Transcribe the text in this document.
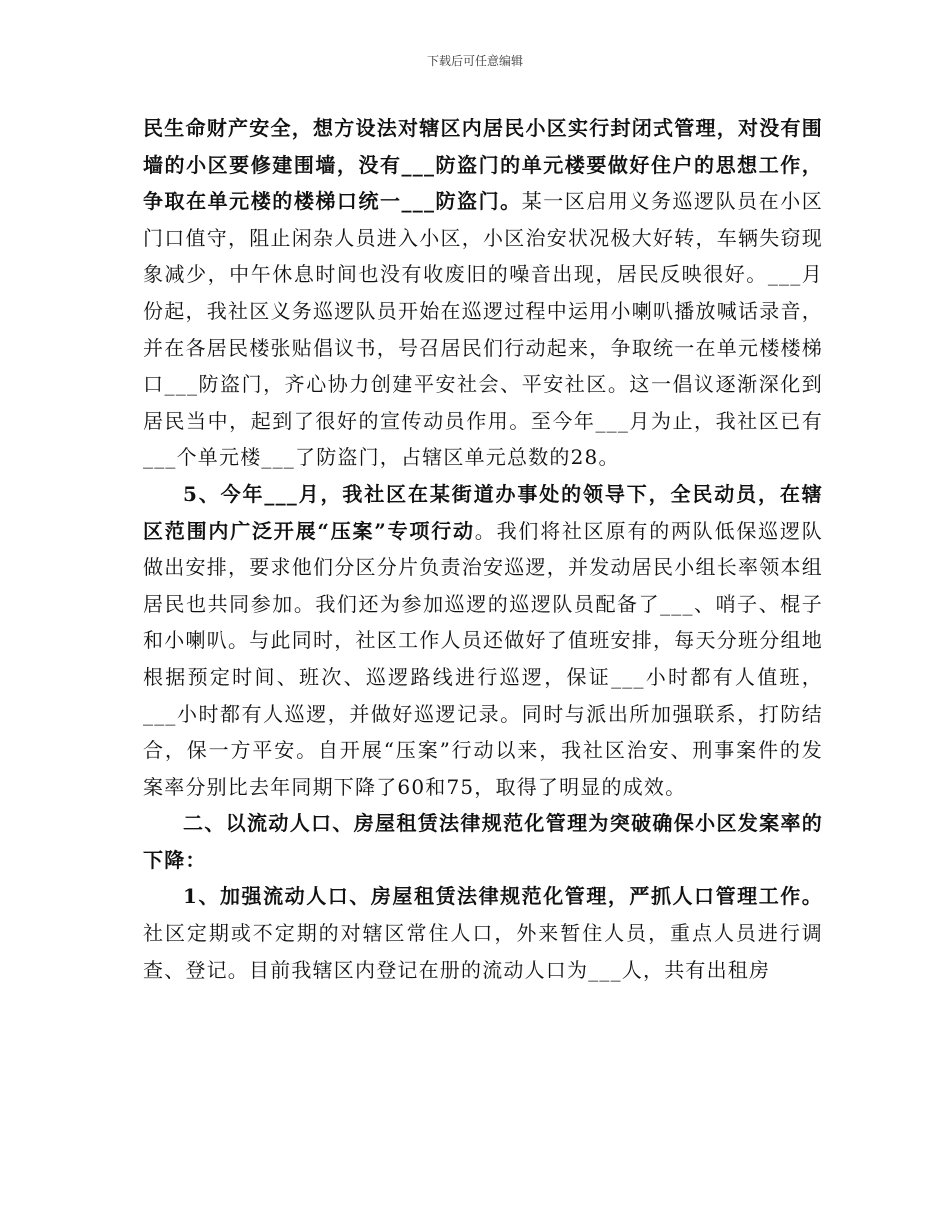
下载后可任意编辑

民生命财产安全，想方设法对辖区内居民小区实行封闭式管理，对没有围墙的小区要修建围墙，没有___防盗门的单元楼要做好住户的思想工作，争取在单元楼的楼梯口统一___防盗门。某一区启用义务巡逻队员在小区门口值守，阻止闲杂人员进入小区，小区治安状况极大好转，车辆失窃现象减少，中午休息时间也没有收废旧的噪音出现，居民反映很好。___月份起，我社区义务巡逻队员开始在巡逻过程中运用小喇叭播放喊话录音，并在各居民楼张贴倡议书，号召居民们行动起来，争取统一在单元楼楼梯口___防盗门，齐心协力创建平安社会、平安社区。这一倡议逐渐深化到居民当中，起到了很好的宣传动员作用。至今年___月为止，我社区已有___个单元楼___了防盗门，占辖区单元总数的28。

5、今年___月，我社区在某街道办事处的领导下，全民动员，在辖区范围内广泛开展“压案”专项行动。我们将社区原有的两队低保巡逻队做出安排，要求他们分区分片负责治安巡逻，并发动居民小组长率领本组居民也共同参加。我们还为参加巡逻的巡逻队员配备了___、哨子、棍子和小喇叭。与此同时，社区工作人员还做好了值班安排，每天分班分组地根据预定时间、班次、巡逻路线进行巡逻，保证___小时都有人值班，___小时都有人巡逻，并做好巡逻记录。同时与派出所加强联系，打防结合，保一方平安。自开展“压案”行动以来，我社区治安、刑事案件的发案率分别比去年同期下降了60和75，取得了明显的成效。

二、以流动人口、房屋租赁法律规范化管理为突破确保小区发案率的下降：

1、加强流动人口、房屋租赁法律规范化管理，严抓人口管理工作。社区定期或不定期的对辖区常住人口，外来暂住人员，重点人员进行调查、登记。目前我辖区内登记在册的流动人口为___人，共有出租房
